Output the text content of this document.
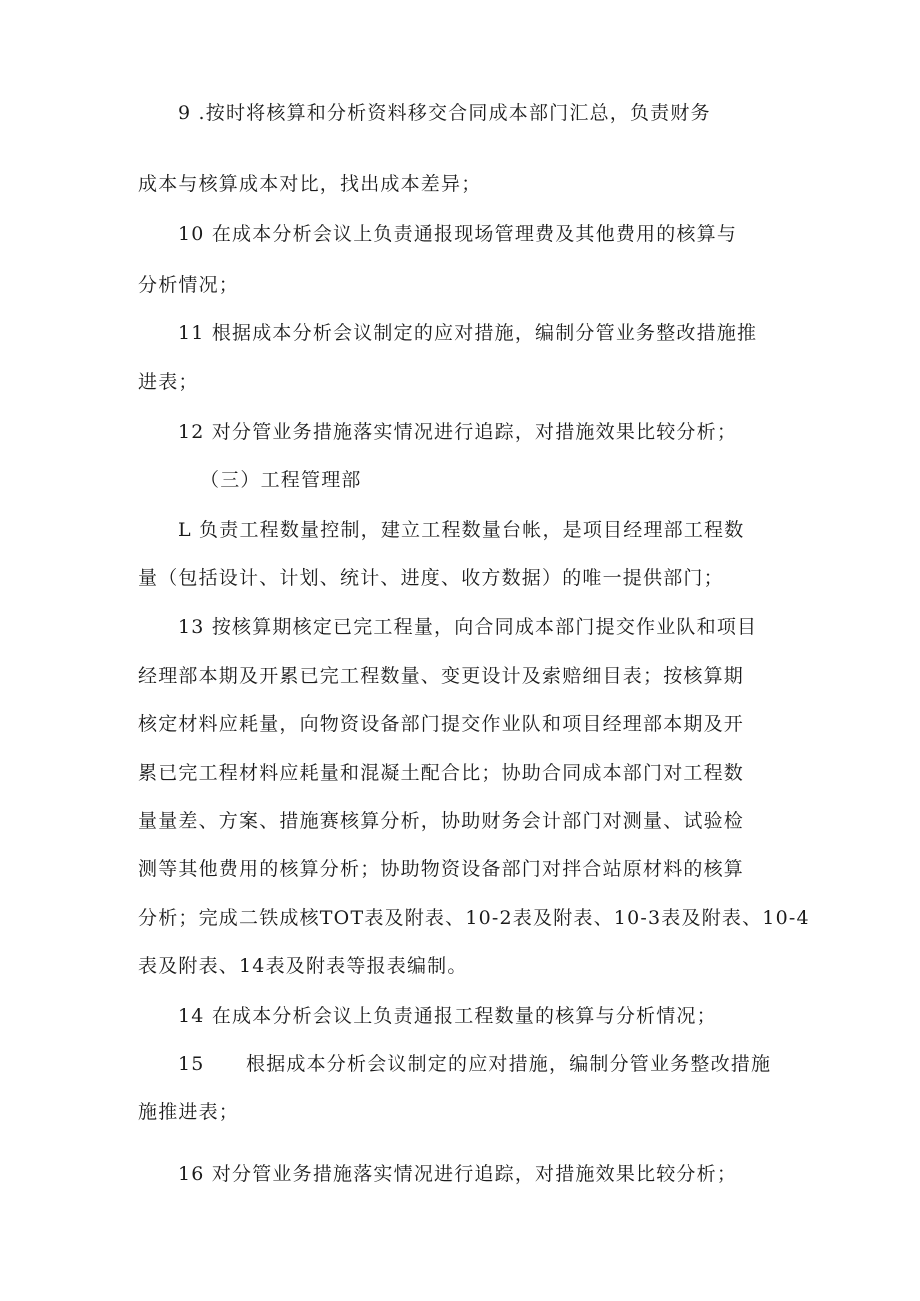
9 .按时将核算和分析资料移交合同成本部门汇总，负责财务
成本与核算成本对比，找出成本差异；
10 在成本分析会议上负责通报现场管理费及其他费用的核算与
分析情况；
11 根据成本分析会议制定的应对措施，编制分管业务整改措施推
进表；
12 对分管业务措施落实情况进行追踪，对措施效果比较分析；
（三）工程管理部
L 负责工程数量控制，建立工程数量台帐，是项目经理部工程数
量（包括设计、计划、统计、进度、收方数据）的唯一提供部门；
13 按核算期核定已完工程量，向合同成本部门提交作业队和项目
经理部本期及开累已完工程数量、变更设计及索赔细目表；按核算期
核定材料应耗量，向物资设备部门提交作业队和项目经理部本期及开
累已完工程材料应耗量和混凝土配合比；协助合同成本部门对工程数
量量差、方案、措施赛核算分析，协助财务会计部门对测量、试验检
测等其他费用的核算分析；协助物资设备部门对拌合站原材料的核算
分析；完成二铁成核TOT表及附表、10-2表及附表、10-3表及附表、10-4
表及附表、14表及附表等报表编制。
14 在成本分析会议上负责通报工程数量的核算与分析情况；
15 根据成本分析会议制定的应对措施，编制分管业务整改措施
施推进表；
16 对分管业务措施落实情况进行追踪，对措施效果比较分析；
